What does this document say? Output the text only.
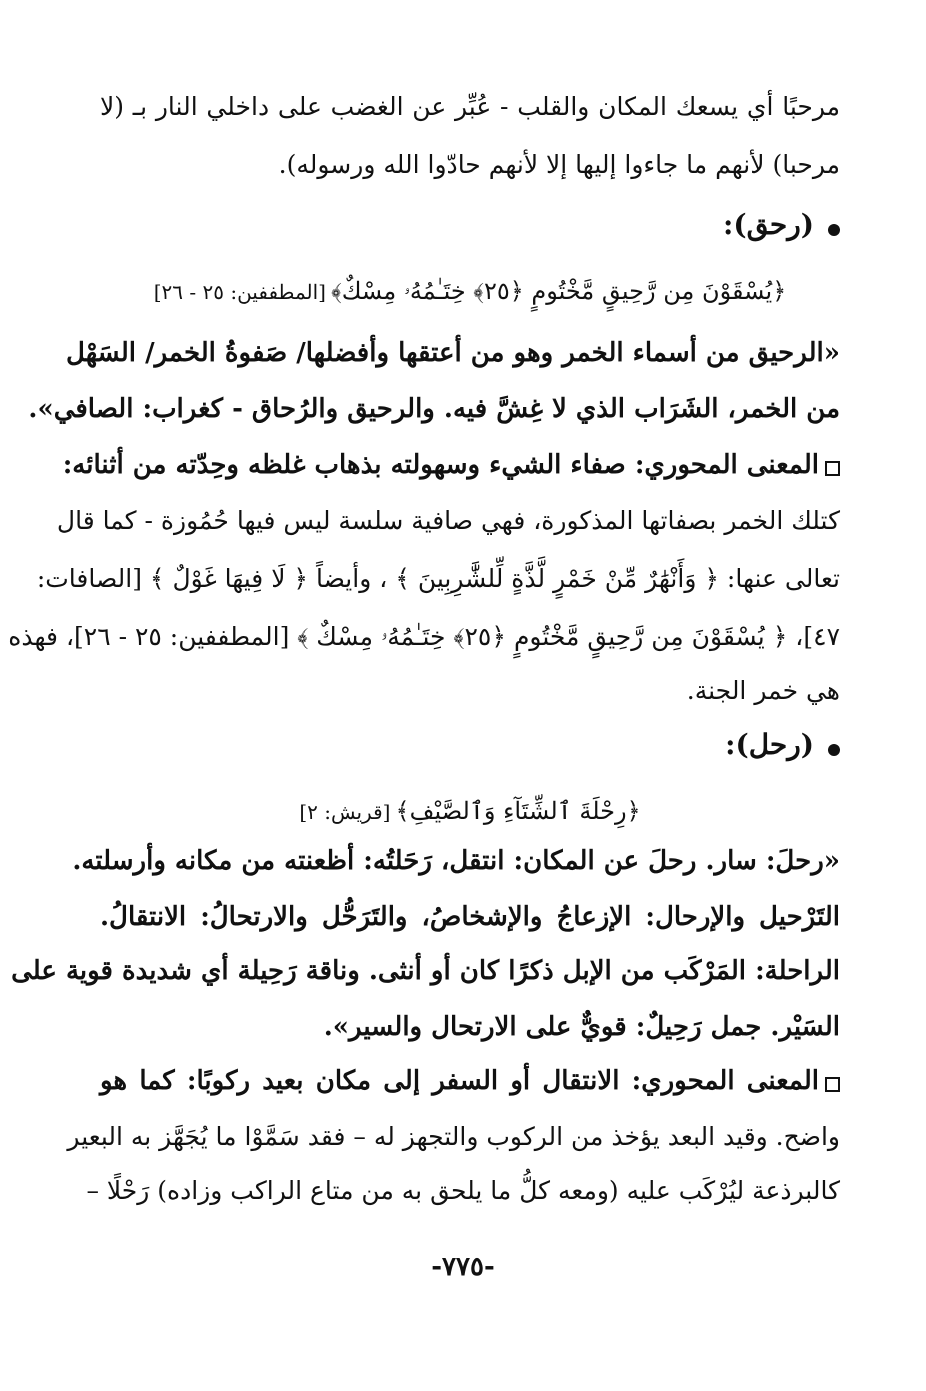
مرحبًا أي يسعك المكان والقلب - عُبِّر عن الغضب على داخلي النار بـ (لا
مرحبا) لأنهم ما جاءوا إليها إلا لأنهم حادّوا الله ورسوله).
(رحق):
﴿يُسْقَوْنَ مِن رَّحِيقٍ مَّخْتُومٍ ﴿٢٥﴾ خِتَـٰمُهُۥ مِسْكٌ﴾ [المطففين: ٢٥ - ٢٦]
«الرحيق من أسماء الخمر وهو من أعتقها وأفضلها/ صَفوةُ الخمر/ السَهْل
من الخمر، الشَرَاب الذي لا غِشَّ فيه. والرحيق والرُحاق - كغراب: الصافي».
المعنى المحوري: صفاء الشيء وسهولته بذهاب غلظه وحِدّته من أثنائه:
كتلك الخمر بصفاتها المذكورة، فهي صافية سلسة ليس فيها حُمُوزة - كما قال
تعالى عنها: ﴿ وَأَنْهَٰرٌ مِّنْ خَمْرٍ لَّذَّةٍ لِّلشَّٰرِبِينَ ﴾ ، وأيضاً ﴿ لَا فِيهَا غَوْلٌ ﴾ [الصافات:
٤٧]، ﴿ يُسْقَوْنَ مِن رَّحِيقٍ مَّخْتُومٍ ﴿٢٥﴾ خِتَـٰمُهُۥ مِسْكٌ ﴾ [المطففين: ٢٥ - ٢٦]، فهذه
هي خمر الجنة.
(رحل):
﴿رِحْلَةَ ٱلشِّتَآءِ وَٱلصَّيْفِ﴾ [قريش: ٢]
«رحلَ: سار. رحلَ عن المكان: انتقل، رَحَلتُه: أظعنته من مكانه وأرسلته.
التَرْحيل والإرحال: الإزعاجُ والإشخاصُ، والتَرَحُّل والارتحالُ: الانتقالُ.
الراحلة: المَرْكَب من الإبل ذكرًا كان أو أنثى. وناقة رَحِيلة أي شديدة قوية على
السَيْر. جمل رَحِيلٌ: قويٌّ على الارتحال والسير».
المعنى المحوري: الانتقال أو السفر إلى مكان بعيد ركوبًا: كما هو
واضح. وقيد البعد يؤخذ من الركوب والتجهز له – فقد سَمَّوْا ما يُجَهَّز به البعير
كالبرذعة ليُرْكَب عليه (ومعه كلُّ ما يلحق به من متاع الراكب وزاده) رَحْلًا –
-٧٧٥-
